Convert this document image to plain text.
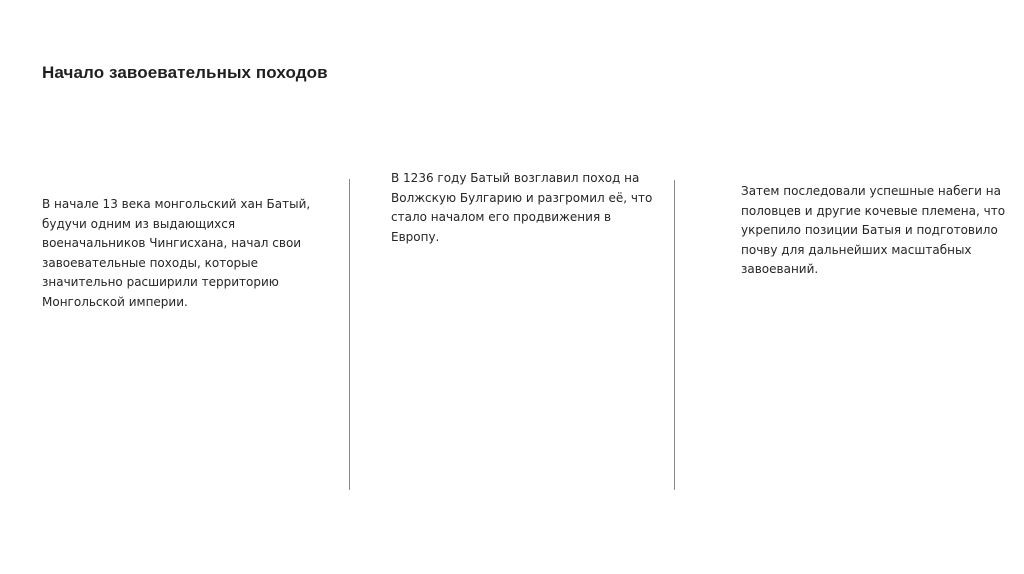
Начало завоевательных походов
В начале 13 века монгольский хан Батый,
будучи одним из выдающихся
военачальников Чингисхана, начал свои
завоевательные походы, которые
значительно расширили территорию
Монгольской империи.
В 1236 году Батый возглавил поход на
Волжскую Булгарию и разгромил её, что
стало началом его продвижения в
Европу.
Затем последовали успешные набеги на
половцев и другие кочевые племена, что
укрепило позиции Батыя и подготовило
почву для дальнейших масштабных
завоеваний.
